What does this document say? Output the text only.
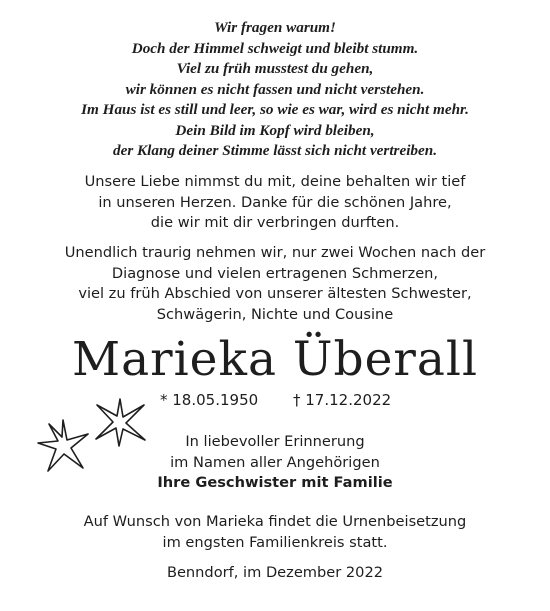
Wir fragen warum!
Doch der Himmel schweigt und bleibt stumm.
Viel zu früh musstest du gehen,
wir können es nicht fassen und nicht verstehen.
Im Haus ist es still und leer, so wie es war, wird es nicht mehr.
Dein Bild im Kopf wird bleiben,
der Klang deiner Stimme lässt sich nicht vertreiben.
Unsere Liebe nimmst du mit, deine behalten wir tief
in unseren Herzen. Danke für die schönen Jahre,
die wir mit dir verbringen durften.
Unendlich traurig nehmen wir, nur zwei Wochen nach der
Diagnose und vielen ertragenen Schmerzen,
viel zu früh Abschied von unserer ältesten Schwester,
Schwägerin, Nichte und Cousine
Marieka Überall
* 18.05.1950 † 17.12.2022
In liebevoller Erinnerung
im Namen aller Angehörigen
Ihre Geschwister mit Familie
Auf Wunsch von Marieka findet die Urnenbeisetzung
im engsten Familienkreis statt.
Benndorf, im Dezember 2022
